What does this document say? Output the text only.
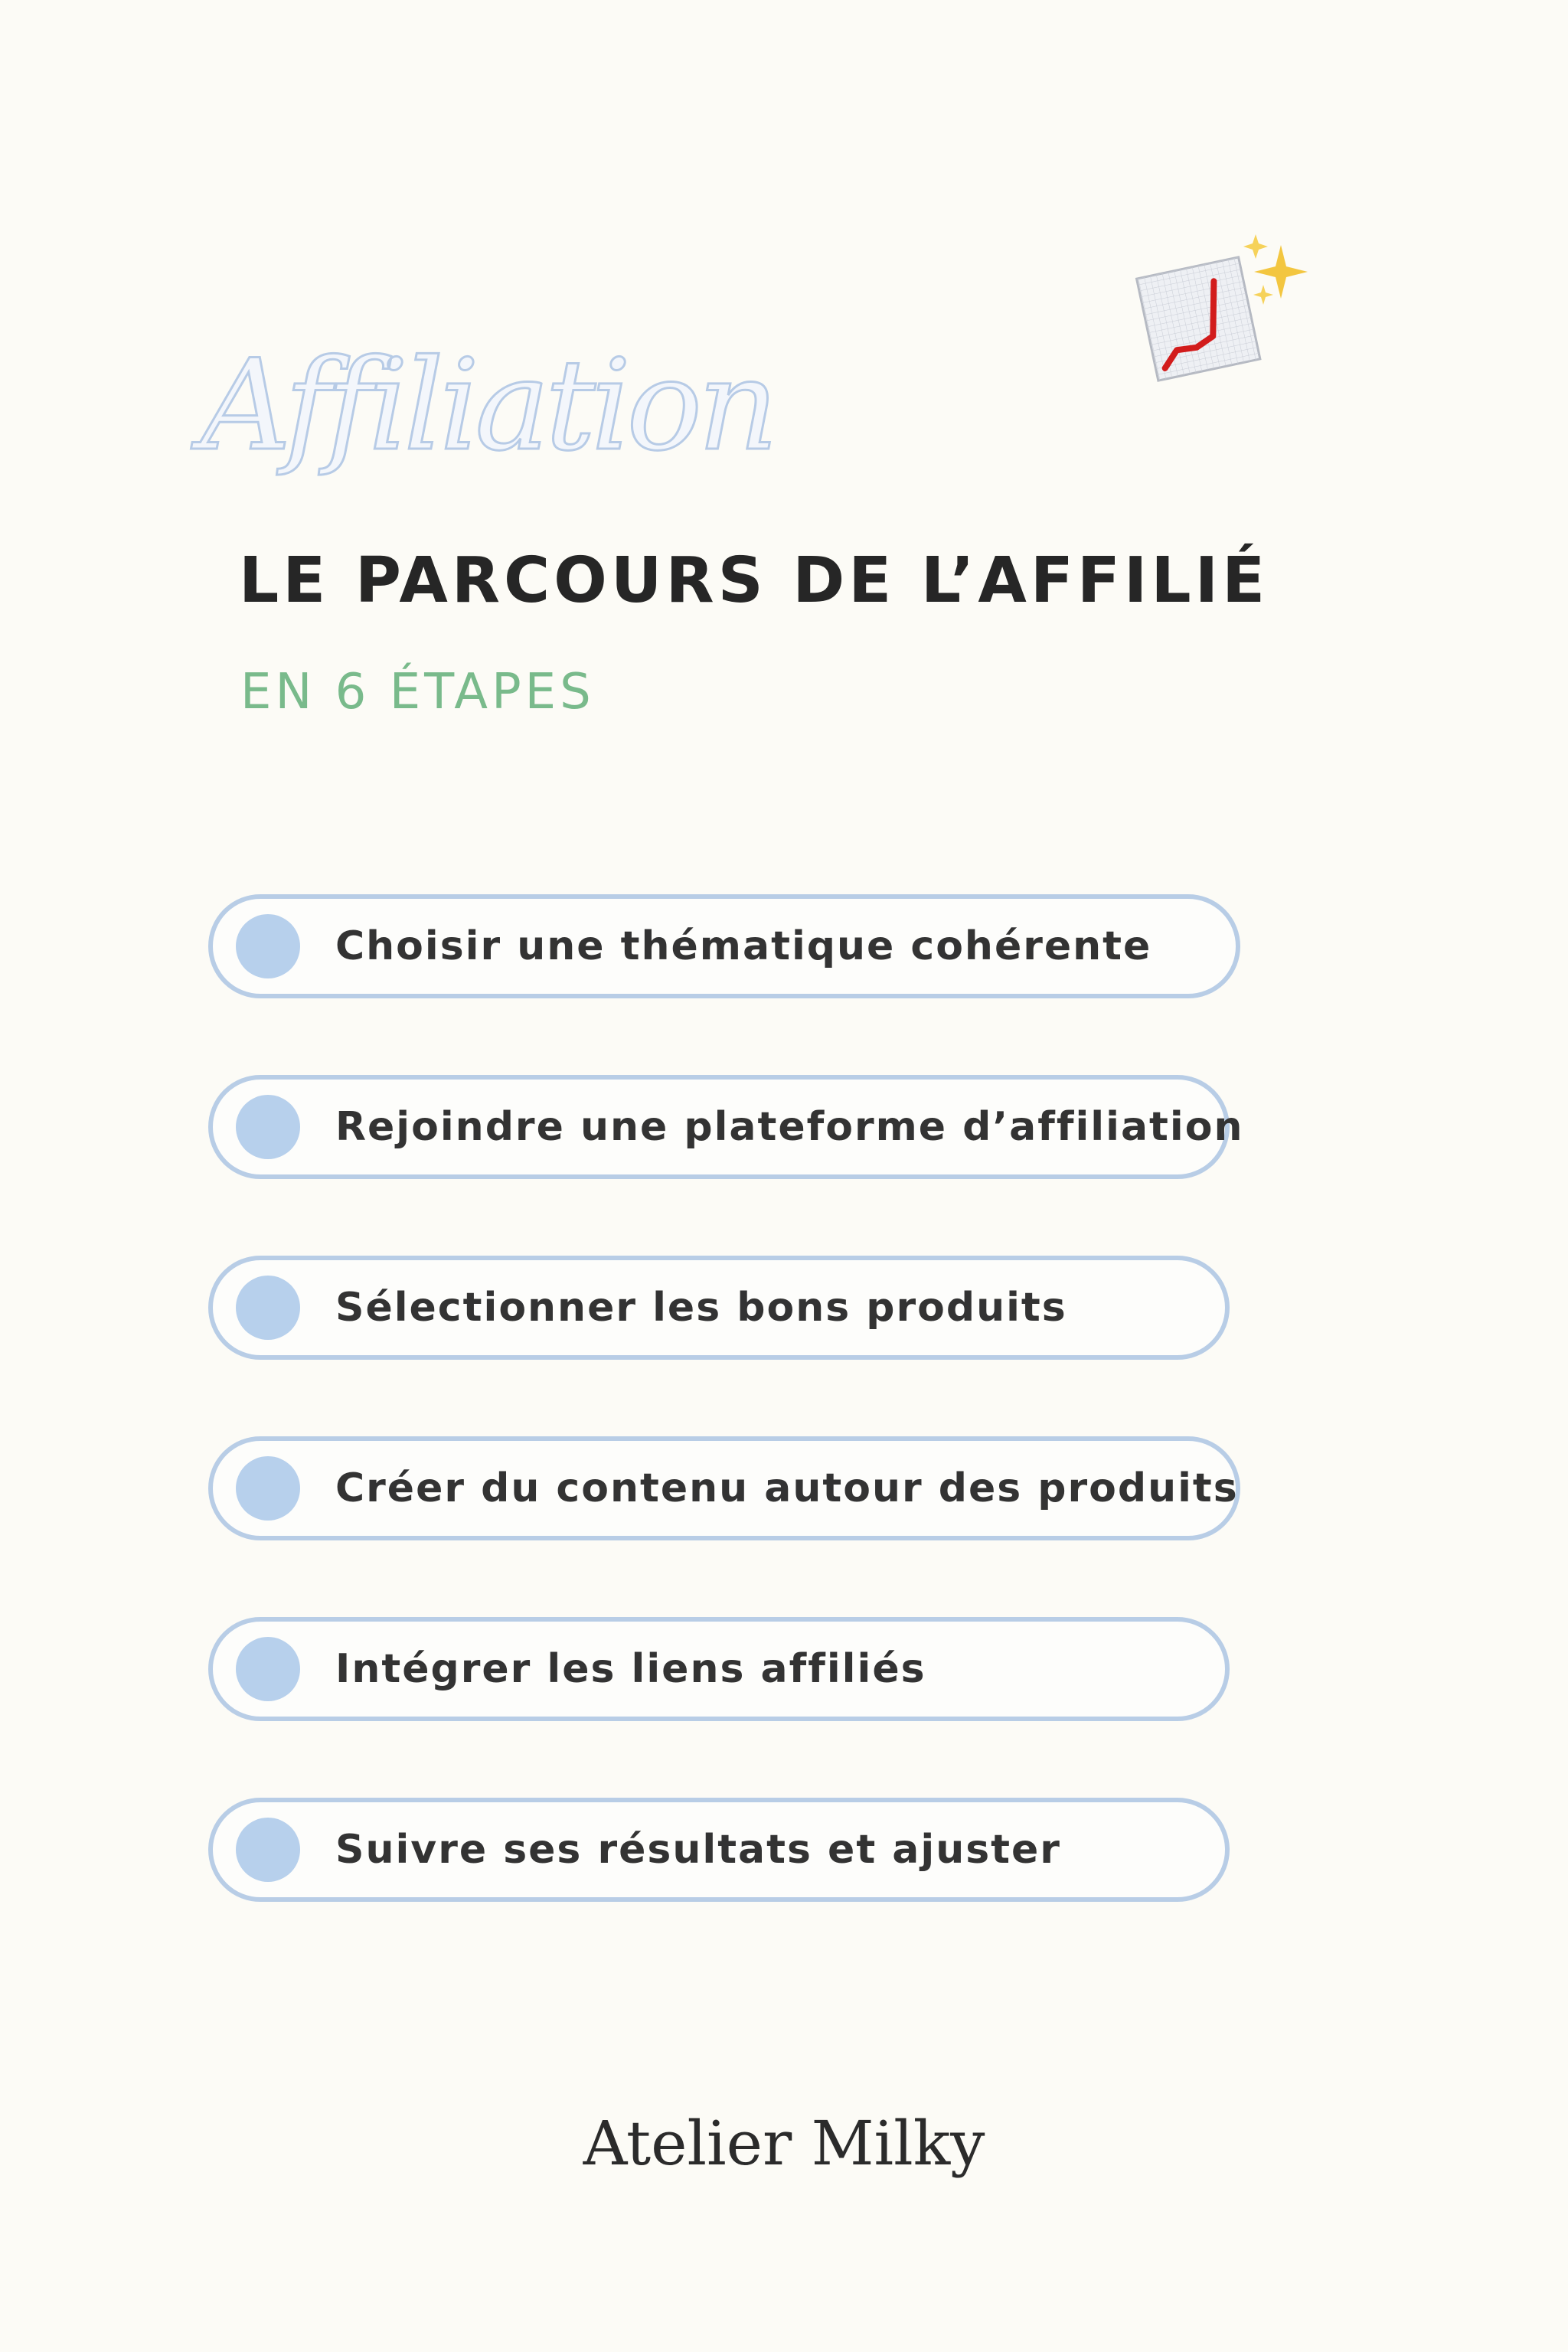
Affiliation
LE PARCOURS DE L’AFFILIÉ
EN 6 ÉTAPES
Choisir une thématique cohérente
Rejoindre une plateforme d’affiliation
Sélectionner les bons produits
Créer du contenu autour des produits
Intégrer les liens affiliés
Suivre ses résultats et ajuster
Atelier Milky
